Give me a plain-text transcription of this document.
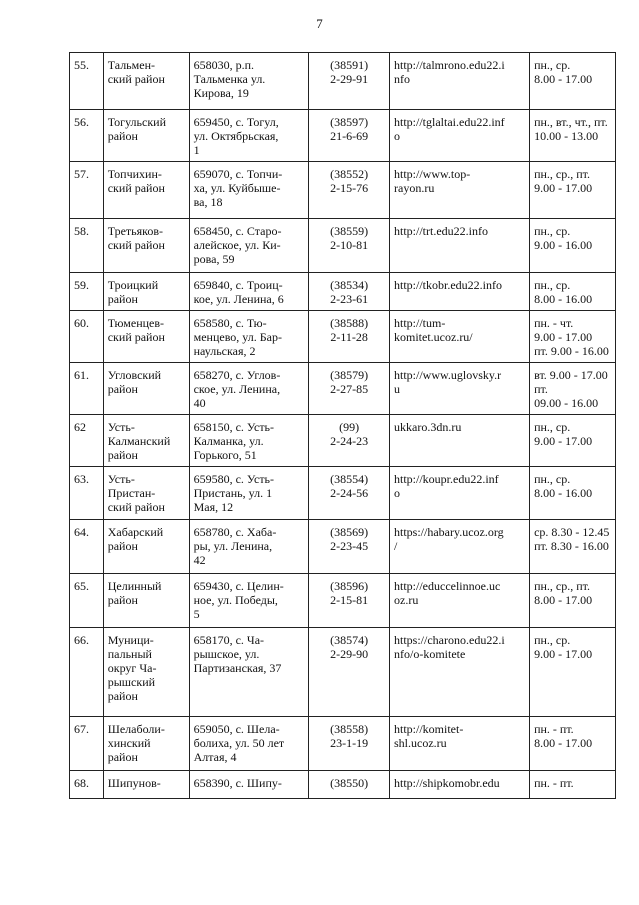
7
55.	Тальмен-
ский район	658030, р.п.
Тальменка ул.
Кирова, 19	(38591)
2-29-91	http://talmrono.edu22.i
nfo	пн., ср.
8.00 - 17.00

56.	Тогульский
район	659450, с. Тогул,
ул. Октябрьская,
1	(38597)
21-6-69	http://tglaltai.edu22.inf
o	пн., вт., чт., пт.
10.00 - 13.00

57.	Топчихин-
ский район	659070, с. Топчи-
ха, ул. Куйбыше-
ва, 18	(38552)
2-15-76	http://www.top-
rayon.ru	пн., ср., пт.
9.00 - 17.00

58.	Третьяков-
ский район	658450, с. Старо-
алейское, ул. Ки-
рова, 59	(38559)
2-10-81	http://trt.edu22.info	пн., ср.
9.00 - 16.00

59.	Троицкий
район	659840, с. Троиц-
кое, ул. Ленина, 6	(38534)
2-23-61	http://tkobr.edu22.info	пн., ср.
8.00 - 16.00

60.	Тюменцев-
ский район	658580, с. Тю-
менцево, ул. Бар-
наульская, 2	(38588)
2-11-28	http://tum-
komitet.ucoz.ru/	пн. - чт.
9.00 - 17.00
пт. 9.00 - 16.00

61.	Угловский
район	658270, с. Углов-
ское, ул. Ленина,
40	(38579)
2-27-85	http://www.uglovsky.r
u	вт. 9.00 - 17.00
пт.
09.00 - 16.00

62	Усть-
Калманский
район	658150, с. Усть-
Калманка, ул.
Горького, 51	(99)
2-24-23	ukkaro.3dn.ru	пн., ср.
9.00 - 17.00

63.	Усть-
Пристан-
ский район	659580, с. Усть-
Пристань, ул. 1
Мая, 12	(38554)
2-24-56	http://koupr.edu22.inf
o	пн., ср.
8.00 - 16.00

64.	Хабарский
район	658780, с. Хаба-
ры, ул. Ленина,
42	(38569)
2-23-45	https://habary.ucoz.org
/	ср. 8.30 - 12.45
пт. 8.30 - 16.00

65.	Целинный
район	659430, с. Целин-
ное, ул. Победы,
5	(38596)
2-15-81	http://educcelinnoe.uc
oz.ru	пн., ср., пт.
8.00 - 17.00

66.	Муници-
пальный
округ Ча-
рышский
район	658170, с. Ча-
рышское, ул.
Партизанская, 37	(38574)
2-29-90	https://charono.edu22.i
nfo/o-komitete	пн., ср.
9.00 - 17.00

67.	Шелаболи-
хинский
район	659050, с. Шела-
болиха, ул. 50 лет
Алтая, 4	(38558)
23-1-19	http://komitet-
shl.ucoz.ru	пн. - пт.
8.00 - 17.00

68.	Шипунов-	658390, с. Шипу-	(38550)	http://shipkomobr.edu	пн. - пт.
